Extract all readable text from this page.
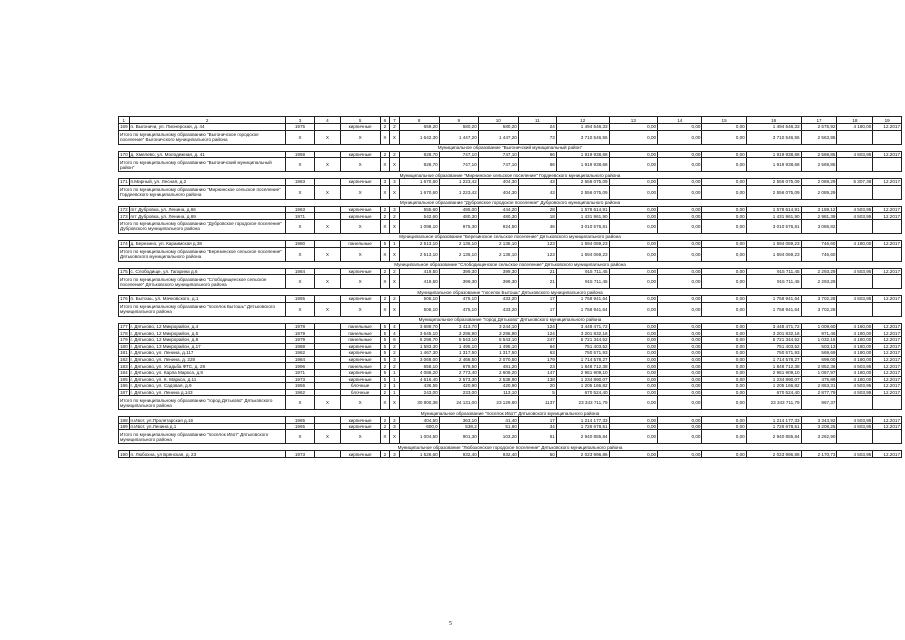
1	2	3	4	5	6	7	8	9	10	11	12	13	14	15	16	17	18	19
169	п. Выгоничи, ул. Пионерская, д. 44	1975		кирпичные	2	2	659,20	580,20	580,20	24	1 494 546,33	0,00	0,00	0,00	1 494 546,33	2 575,92	4 180,00	12.2017
Итого по муниципальному образованию "Выгоничское городское поселение" Выгоничского муниципального района		X	X	X	X	X	1 642,30	1 447,20	1 447,20	73	3 710 546,55	0,00	0,00	0,00	3 710 546,55	2 563,95		
Муниципальное образование "Выгоничский муниципальный район"																		
170	д. Хмелево, ул. Молодежная, д. 41	1958		кирпичные	2	2	828,70	747,10	747,10	66	1 919 938,68	0,00	0,00	0,00	1 919 938,68	2 569,85	4 503,95	12.2017
Итого по муниципальному образованию "Выгоничский муниципальный район"		X	X	X	X	X	828,70	747,10	747,10	66	1 919 938,68	0,00	0,00	0,00	1 919 938,68	2 569,85		
Муниципальное образование "Мирнинское сельское поселение" Гордеевского муниципального района																		
171	п.Мирный, ул. Лесная, д.2	1983		кирпичные	3	3	1 670,60	1 223,42	404,30	43	2 556 075,09	0,00	0,00	0,00	2 556 075,09	2 089,29	5 307,38	12.2017
Итого по муниципальному образованию "Мирнинское сельское поселение" Гордеевского муниципального района		X	X	X	X	X	1 670,60	1 223,42	404,30	43	2 556 075,09	0,00	0,00	0,00	2 556 075,09	2 089,29		
Муниципальное образование "Дубровское городское поселение" Дубровского муниципального района																		
172	пгт Дубровка, ул. Ленина, д.66	1963		кирпичные	2	3	555,60	495,00	444,20	28	1 578 614,91	0,00	0,00	0,00	1 578 614,91	3 189,12	4 503,95	12.2017
173	пгт Дубровка, ул. Ленина, д.69	1971		кирпичные	2	2	542,60	480,30	480,30	18	1 431 961,90	0,00	0,00	0,00	1 431 961,90	2 981,39	4 503,95	12.2017
Итого по муниципальному образованию "Дубровское городское поселение" Дубровского муниципального района		X	X	X	X	X	1 098,10	975,30	924,50	46	3 010 576,81	0,00	0,00	0,00	3 010 576,81	3 086,82		
Муниципальное образование "Березинское сельское поселение" Дятьковского муниципального района																		
174	д. Березино, ул. Караимская д.38	1980		панельные	5	1	2 513,10	2 135,10	2 135,10	123	1 594 069,23	0,00	0,00	0,00	1 594 069,23	746,60	4 180,00	12.2017
Итого по муниципальному образованию "Березинское сельское поселение" Дятьковского муниципального района		X	X	X	X	X	2 513,10	2 135,10	2 135,10	123	1 594 069,23	0,00	0,00	0,00	1 594 069,23	746,60		
Муниципальное образование "Слободищенское сельское поселение" Дятьковского муниципального района																		
175	с. Слободище, ул. Гагарина д.6	1984		кирпичные	2	2	419,50	399,30	399,30	21	915 711,45	0,00	0,00	0,00	915 711,45	2 293,29	4 503,95	12.2017
Итого по муниципальному образованию "Слободищенское сельское поселение" Дятьковского муниципального района		X	X	X	X	X	419,50	399,30	399,30	21	915 711,45	0,00	0,00	0,00	915 711,45	2 293,29		
Муниципальное образование "поселок Бытошь" Дятьковского муниципального района																		
176	п. Бытошь, ул. Мачковского, д.1	1955		кирпичные	2	2	506,10	475,10	433,20	17	1 758 941,64	0,00	0,00	0,00	1 758 941,64	3 702,28	4 503,95	12.2017
Итого по муниципальному образованию "поселок Бытошь" Дятьковского муниципального района		X	X	X	X	X	506,10	475,10	433,20	17	1 758 941,64	0,00	0,00	0,00	1 758 941,64	3 702,28		
Муниципальное образование "город Дятьково" Дятьковского муниципального района																		
177	г. Дятьково, 12 Микрорайон, д.4	1978		панельные	5	4	3 689,70	3 413,70	3 244,10	124	3 448 471,72	0,00	0,00	0,00	3 448 471,72	1 009,60	4 180,00	12.2017
178	г. Дятьково, 12 Микрорайон, д.5	1979		панельные	5	4	3 645,10	3 295,90	3 295,90	124	3 201 832,16	0,00	0,00	0,00	3 201 832,16	971,46	4 180,00	12.2017
179	г. Дятьково, 12 Микрорайон, д.8	1979		панельные	5	6	6 296,70	5 543,10	5 543,10	247	5 721 344,52	0,00	0,00	0,00	5 721 344,52	1 032,16	4 180,00	12.2017
180	г. Дятьково, 13 Микрорайон, д.17	1988		кирпичные	5	2	1 583,30	1 495,10	1 495,10	64	751 403,52	0,00	0,00	0,00	751 403,52	503,13	4 180,00	12.2017
181	г. Дятьково, ул. Ленина, д.117	1962		кирпичные	5	2	1 467,30	1 317,50	1 317,50	63	750 571,93	0,00	0,00	0,00	750 571,93	569,69	4 180,00	12.2017
182	г. Дятьково, ул. Ленина, д. 228	1984		кирпичные	5	3	3 068,00	2 468,50	2 070,50	179	1 714 578,27	0,00	0,00	0,00	1 714 578,27	699,00	4 180,00	12.2017
183	г. Дятьково, ул. Усадьба ФТС, д. 28	1996		панельные	2	2	658,10	676,50	481,20	23	1 848 712,38	0,00	0,00	0,00	1 848 712,38	2 852,36	4 503,95	12.2017
184	г. Дятьково, ул. Карла Маркса, д.9	1971		кирпичные	5	1	4 086,20	2 773,40	2 609,20	147	2 961 909,10	0,00	0,00	0,00	2 961 909,10	1 067,97	4 180,00	12.2017
185	г. Дятьково, ул. К. Маркса, д.11	1973		кирпичные	5	1	4 616,40	2 573,30	2 538,90	138	1 234 890,07	0,00	0,00	0,00	1 234 890,07	475,89	4 180,00	12.2017
186	г. Дятьково, ул. Садовая, д.9	1956		блочные	2	1	436,55	420,90	420,90	20	1 205 166,82	0,00	0,00	0,00	1 205 166,82	2 863,31	4 503,95	12.2017
187	г. Дятьково, ул. Ленина д.143	1962		блочные	2	1	243,00	233,00	113,10	5	670 524,40	0,00	0,00	0,00	670 524,40	2 877,79	4 503,95	12.2017
Итого по муниципальному образованию "город Дятьково" Дятьковского муниципального района		X	X	X	X	X	30 800,38	24 131,00	23 129,60	1137	23 343 711,79	0,00	0,00	0,00	23 343 711,79	967,37		
Муниципальное образование "поселок Ивот" Дятьковского муниципального района																		
188	п.Ивот, ул.Пролетарская д.16	1965		кирпичные	2	2	404,50	363,10	41,40	17	1 214 177,33	0,00	0,00	0,00	1 214 177,33	3 343,92	4 503,95	12.2017
189	п.Ивот, ул.Ленина д.1	1965		кирпичные	2	3	600,0	538,2	51,80	34	1 726 678,51	0,00	0,00	0,00	1 726 678,51	3 208,25	4 503,95	12.2017
Итого по муниципальному образованию "поселок Ивот" Дятьковского муниципального района		X	X	X	X	X	1 004,50	901,30	103,20	51	2 940 855,84	0,00	0,00	0,00	2 940 855,84	3 262,90		
Муниципальное образование "Любохонское городское поселение" Дятьковского муниципального района																		
190	п. Любохна, ул Брянская, д. 23	1973		кирпичные	2	3	1 526,60	932,40	932,40	50	2 023 996,86	0,00	0,00	0,00	2 023 996,86	2 170,73	4 503,95	12.2017
5
